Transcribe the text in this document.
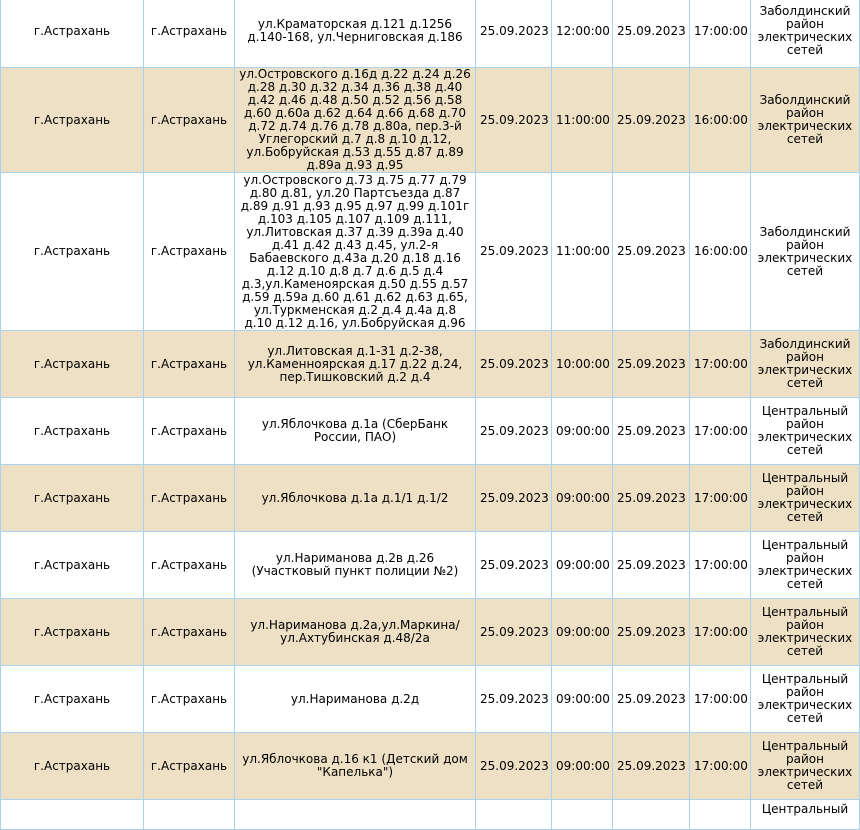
г.Астрахань	г.Астрахань	ул.Краматорская д.121 д.1256 д.140-168, ул.Черниговская д.186	25.09.2023	12:00:00	25.09.2023	17:00:00	Заболдинский район электрических сетей
г.Астрахань	г.Астрахань	ул.Островского д.16д д.22 д.24 д.26 д.28 д.30 д.32 д.34 д.36 д.38 д.40 д.42 д.46 д.48 д.50 д.52 д.56 д.58 д.60 д.60а д.62 д.64 д.66 д.68 д.70 д.72 д.74 д.76 д.78 д.80а, пер.3-й Углегорский д.7 д.8 д.10 д.12, ул.Бобруйская д.53 д.55 д.87 д.89 д.89а д.93 д.95	25.09.2023	11:00:00	25.09.2023	16:00:00	Заболдинский район электрических сетей
г.Астрахань	г.Астрахань	ул.Островского д.73 д.75 д.77 д.79 д.80 д.81, ул.20 Партсъезда д.87 д.89 д.91 д.93 д.95 д.97 д.99 д.101г д.103 д.105 д.107 д.109 д.111, ул.Литовская д.37 д.39 д.39а д.40 д.41 д.42 д.43 д.45, ул.2-я Бабаевского д.43а д.20 д.18 д.16 д.12 д.10 д.8 д.7 д.6 д.5 д.4 д.3,ул.Каменоярская д.50 д.55 д.57 д.59 д.59а д.60 д.61 д.62 д.63 д.65, ул.Туркменская д.2 д.4 д.4а д.8 д.10 д.12 д.16, ул.Бобруйская д.96	25.09.2023	11:00:00	25.09.2023	16:00:00	Заболдинский район электрических сетей
г.Астрахань	г.Астрахань	ул.Литовская д.1-31 д.2-38, ул.Каменноярская д.17 д.22 д.24, пер.Тишковский д.2 д.4	25.09.2023	10:00:00	25.09.2023	17:00:00	Заболдинский район электрических сетей
г.Астрахань	г.Астрахань	ул.Яблочкова д.1а (СберБанк России, ПАО)	25.09.2023	09:00:00	25.09.2023	17:00:00	Центральный район электрических сетей
г.Астрахань	г.Астрахань	ул.Яблочкова д.1а д.1/1 д.1/2	25.09.2023	09:00:00	25.09.2023	17:00:00	Центральный район электрических сетей
г.Астрахань	г.Астрахань	ул.Нариманова д.2в д.26 (Участковый пункт полиции №2)	25.09.2023	09:00:00	25.09.2023	17:00:00	Центральный район электрических сетей
г.Астрахань	г.Астрахань	ул.Нариманова д.2а,ул.Маркина/ ул.Ахтубинская д.48/2а	25.09.2023	09:00:00	25.09.2023	17:00:00	Центральный район электрических сетей
г.Астрахань	г.Астрахань	ул.Нариманова д.2д	25.09.2023	09:00:00	25.09.2023	17:00:00	Центральный район электрических сетей
г.Астрахань	г.Астрахань	ул.Яблочкова д.16 к1 (Детский дом "Капелька")	25.09.2023	09:00:00	25.09.2023	17:00:00	Центральный район электрических сетей
							Центральный
